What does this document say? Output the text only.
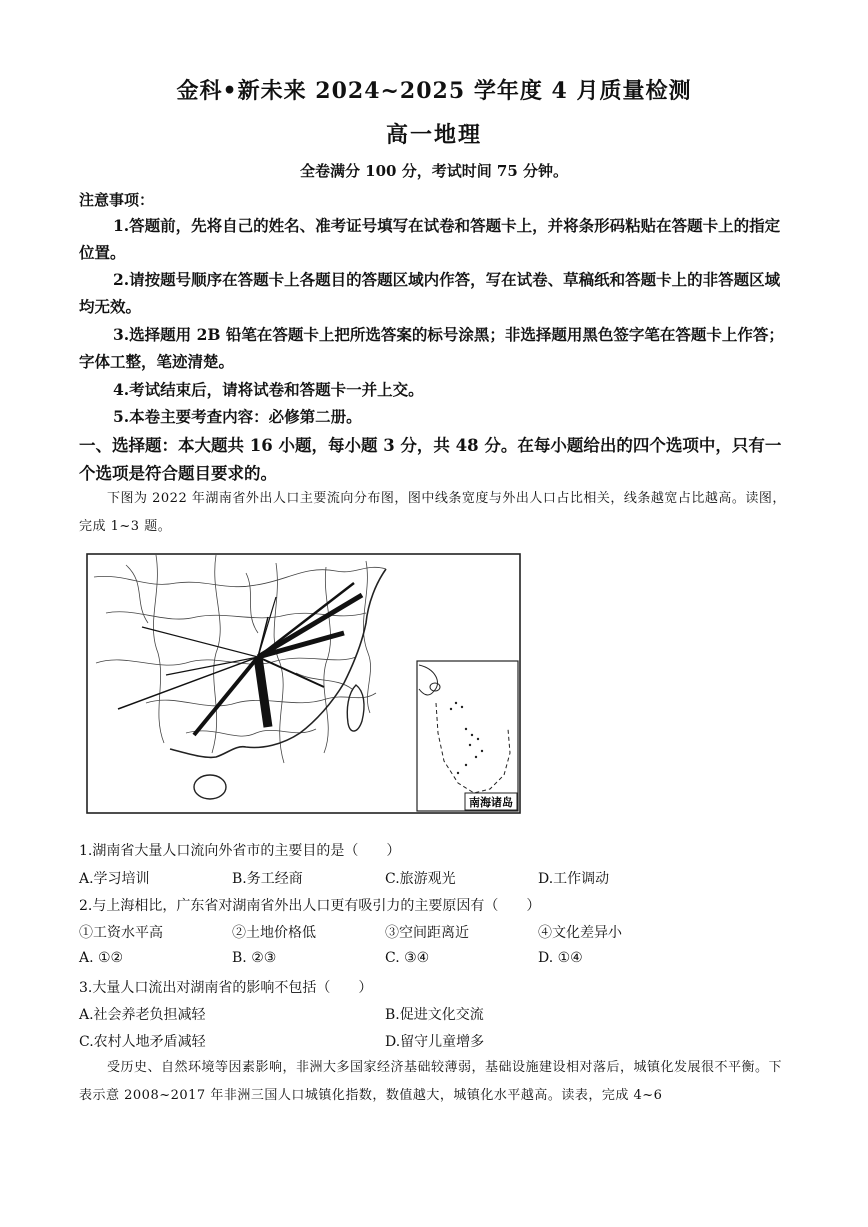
金科•新未来 2024~2025 学年度 4 月质量检测
高一地理
全卷满分 100 分，考试时间 75 分钟。
注意事项：
1.答题前，先将自己的姓名、准考证号填写在试卷和答题卡上，并将条形码粘贴在答题卡上的指定位置。
2.请按题号顺序在答题卡上各题目的答题区域内作答，写在试卷、草稿纸和答题卡上的非答题区域均无效。
3.选择题用 2B 铅笔在答题卡上把所选答案的标号涂黑；非选择题用黑色签字笔在答题卡上作答；字体工整，笔迹清楚。
4.考试结束后，请将试卷和答题卡一并上交。
5.本卷主要考查内容：必修第二册。
一、选择题：本大题共 16 小题，每小题 3 分，共 48 分。在每小题给出的四个选项中，只有一个选项是符合题目要求的。
下图为 2022 年湖南省外出人口主要流向分布图，图中线条宽度与外出人口占比相关，线条越宽占比越高。读图，完成 1~3 题。
南海诸岛
1.湖南省大量人口流向外省市的主要目的是（　　）
A.学习培训	B.务工经商	C.旅游观光	D.工作调动
2.与上海相比，广东省对湖南省外出人口更有吸引力的主要原因有（　　）
①工资水平高	②土地价格低	③空间距离近	④文化差异小
A. ①②	B. ②③	C. ③④	D. ①④
3.大量人口流出对湖南省的影响不包括（　　）
A.社会养老负担减轻	B.促进文化交流
C.农村人地矛盾减轻	D.留守儿童增多
受历史、自然环境等因素影响，非洲大多国家经济基础较薄弱，基础设施建设相对落后，城镇化发展很不平衡。下表示意 2008~2017 年非洲三国人口城镇化指数，数值越大，城镇化水平越高。读表，完成 4~6
